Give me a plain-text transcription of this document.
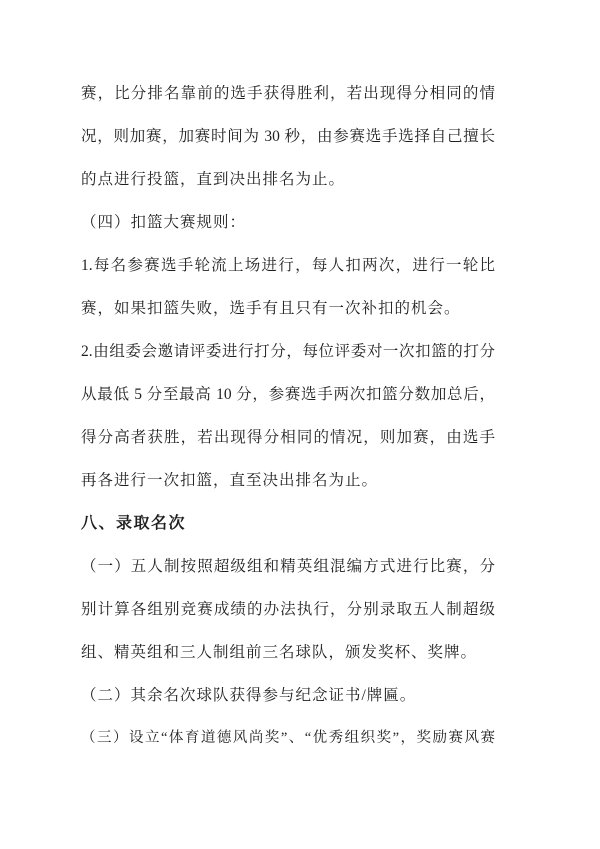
赛，比分排名靠前的选手获得胜利，若出现得分相同的情
况，则加赛，加赛时间为 30 秒，由参赛选手选择自己擅长
的点进行投篮，直到决出排名为止。
（四）扣篮大赛规则：
1.每名参赛选手轮流上场进行，每人扣两次，进行一轮比
赛，如果扣篮失败，选手有且只有一次补扣的机会。
2.由组委会邀请评委进行打分，每位评委对一次扣篮的打分
从最低 5 分至最高 10 分，参赛选手两次扣篮分数加总后，
得分高者获胜，若出现得分相同的情况，则加赛，由选手
再各进行一次扣篮，直至决出排名为止。
八、录取名次
（一）五人制按照超级组和精英组混编方式进行比赛，分
别计算各组别竞赛成绩的办法执行，分别录取五人制超级
组、精英组和三人制组前三名球队，颁发奖杯、奖牌。
（二）其余名次球队获得参与纪念证书/牌匾。
（三）设立“体育道德风尚奖”、“优秀组织奖”，奖励赛风赛
